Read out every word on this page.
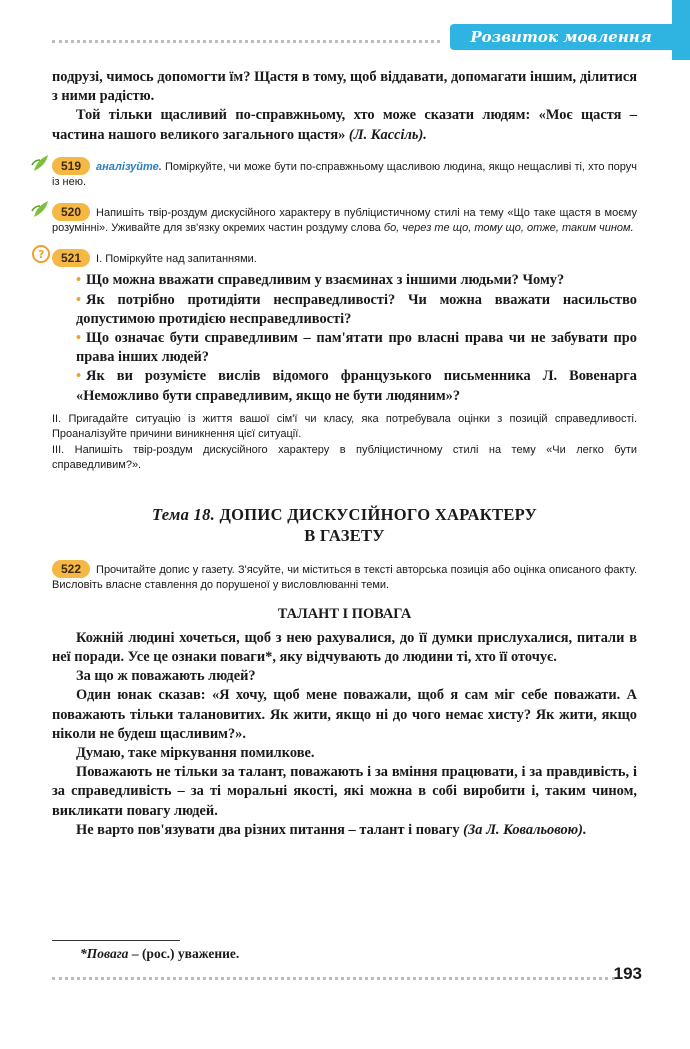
Розвиток мовлення

подрузі, чимось допомогти їм? Щастя в тому, щоб віддавати, допомагати іншим, ділитися з ними радістю.

Той тільки щасливий по-справжньому, хто може сказати людям: «Моє щастя – частина нашого великого загального щастя» (Л. Кассіль).

519 аналізуйте. Поміркуйте, чи може бути по-справжньому щасливою людина, якщо нещасливі ті, хто поруч із нею.

520 Напишіть твір-роздум дискусійного характеру в публіцистичному стилі на тему «Що таке щастя в моєму розумінні». Уживайте для зв'язку окремих частин роздуму слова бо, через те що, тому що, отже, таким чином.

?	521 І. Поміркуйте над запитаннями.

• Що можна вважати справедливим у взаєминах з іншими людьми? Чому?

• Як потрібно протидіяти несправедливості? Чи можна вважати насильство допустимою протидією несправедливості?

• Що означає бути справедливим – пам'ятати про власні права чи не забувати про права інших людей?

• Як ви розумієте вислів відомого французького письменника Л. Вовенарга «Неможливо бути справедливим, якщо не бути людяним»?

ІІ. Пригадайте ситуацію із життя вашої сім'ї чи класу, яка потребувала оцінки з позицій справедливості. Проаналізуйте причини виникнення цієї ситуації.

ІІІ. Напишіть твір-роздум дискусійного характеру в публіцистичному стилі на тему «Чи легко бути справедливим?».

Тема 18. ДОПИС ДИСКУСІЙНОГО ХАРАКТЕРУ
В ГАЗЕТУ

522 Прочитайте допис у газету. З'ясуйте, чи міститься в тексті авторська позиція або оцінка описаного факту. Висловіть власне ставлення до порушеної у висловлюванні теми.

ТАЛАНТ І ПОВАГА

Кожній людині хочеться, щоб з нею рахувалися, до її думки прислухалися, питали в неї поради. Усе це ознаки поваги*, яку відчувають до людини ті, хто її оточує.

За що ж поважають людей?

Один юнак сказав: «Я хочу, щоб мене поважали, щоб я сам міг себе поважати. А поважають тільки талановитих. Як жити, якщо ні до чого немає хисту? Як жити, якщо ніколи не будеш щасливим?».

Думаю, таке міркування помилкове.

Поважають не тільки за талант, поважають і за вміння працювати, і за правдивість, і за справедливість – за ті моральні якості, які можна в собі виробити і, таким чином, викликати повагу людей.

Не варто пов'язувати два різних питання – талант і повагу (За Л. Ковальовою).

*Повага – (рос.) уважение.
193
